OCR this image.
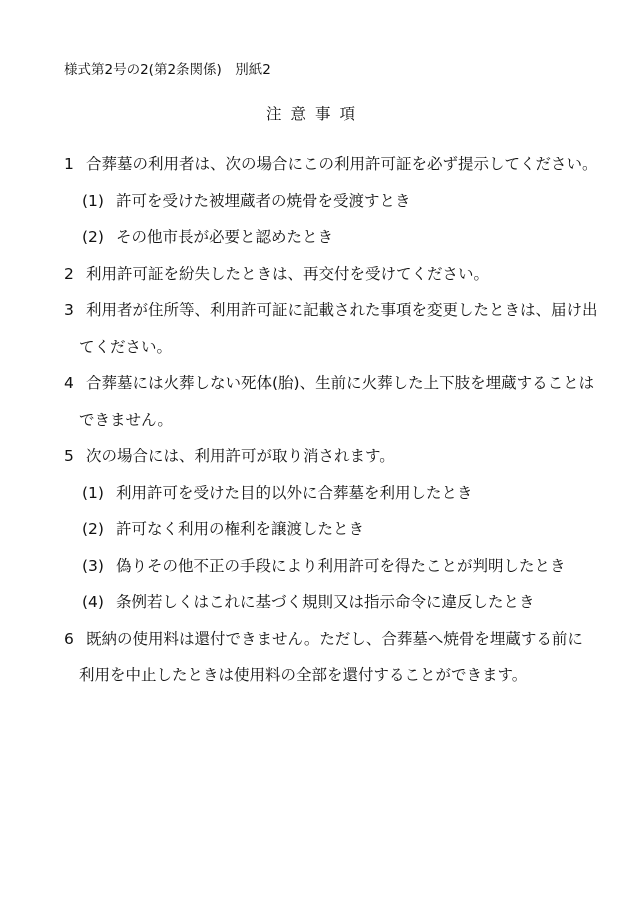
様式第2号の2(第2条関係)　別紙2
注意事項
1 合葬墓の利用者は、次の場合にこの利用許可証を必ず提示してください。
(1) 許可を受けた被埋蔵者の焼骨を受渡すとき
(2) その他市長が必要と認めたとき
2 利用許可証を紛失したときは、再交付を受けてください。
3 利用者が住所等、利用許可証に記載された事項を変更したときは、届け出
てください。
4 合葬墓には火葬しない死体(胎)、生前に火葬した上下肢を埋蔵することは
できません。
5 次の場合には、利用許可が取り消されます。
(1) 利用許可を受けた目的以外に合葬墓を利用したとき
(2) 許可なく利用の権利を譲渡したとき
(3) 偽りその他不正の手段により利用許可を得たことが判明したとき
(4) 条例若しくはこれに基づく規則又は指示命令に違反したとき
6 既納の使用料は還付できません。ただし、合葬墓へ焼骨を埋蔵する前に
利用を中止したときは使用料の全部を還付することができます。
